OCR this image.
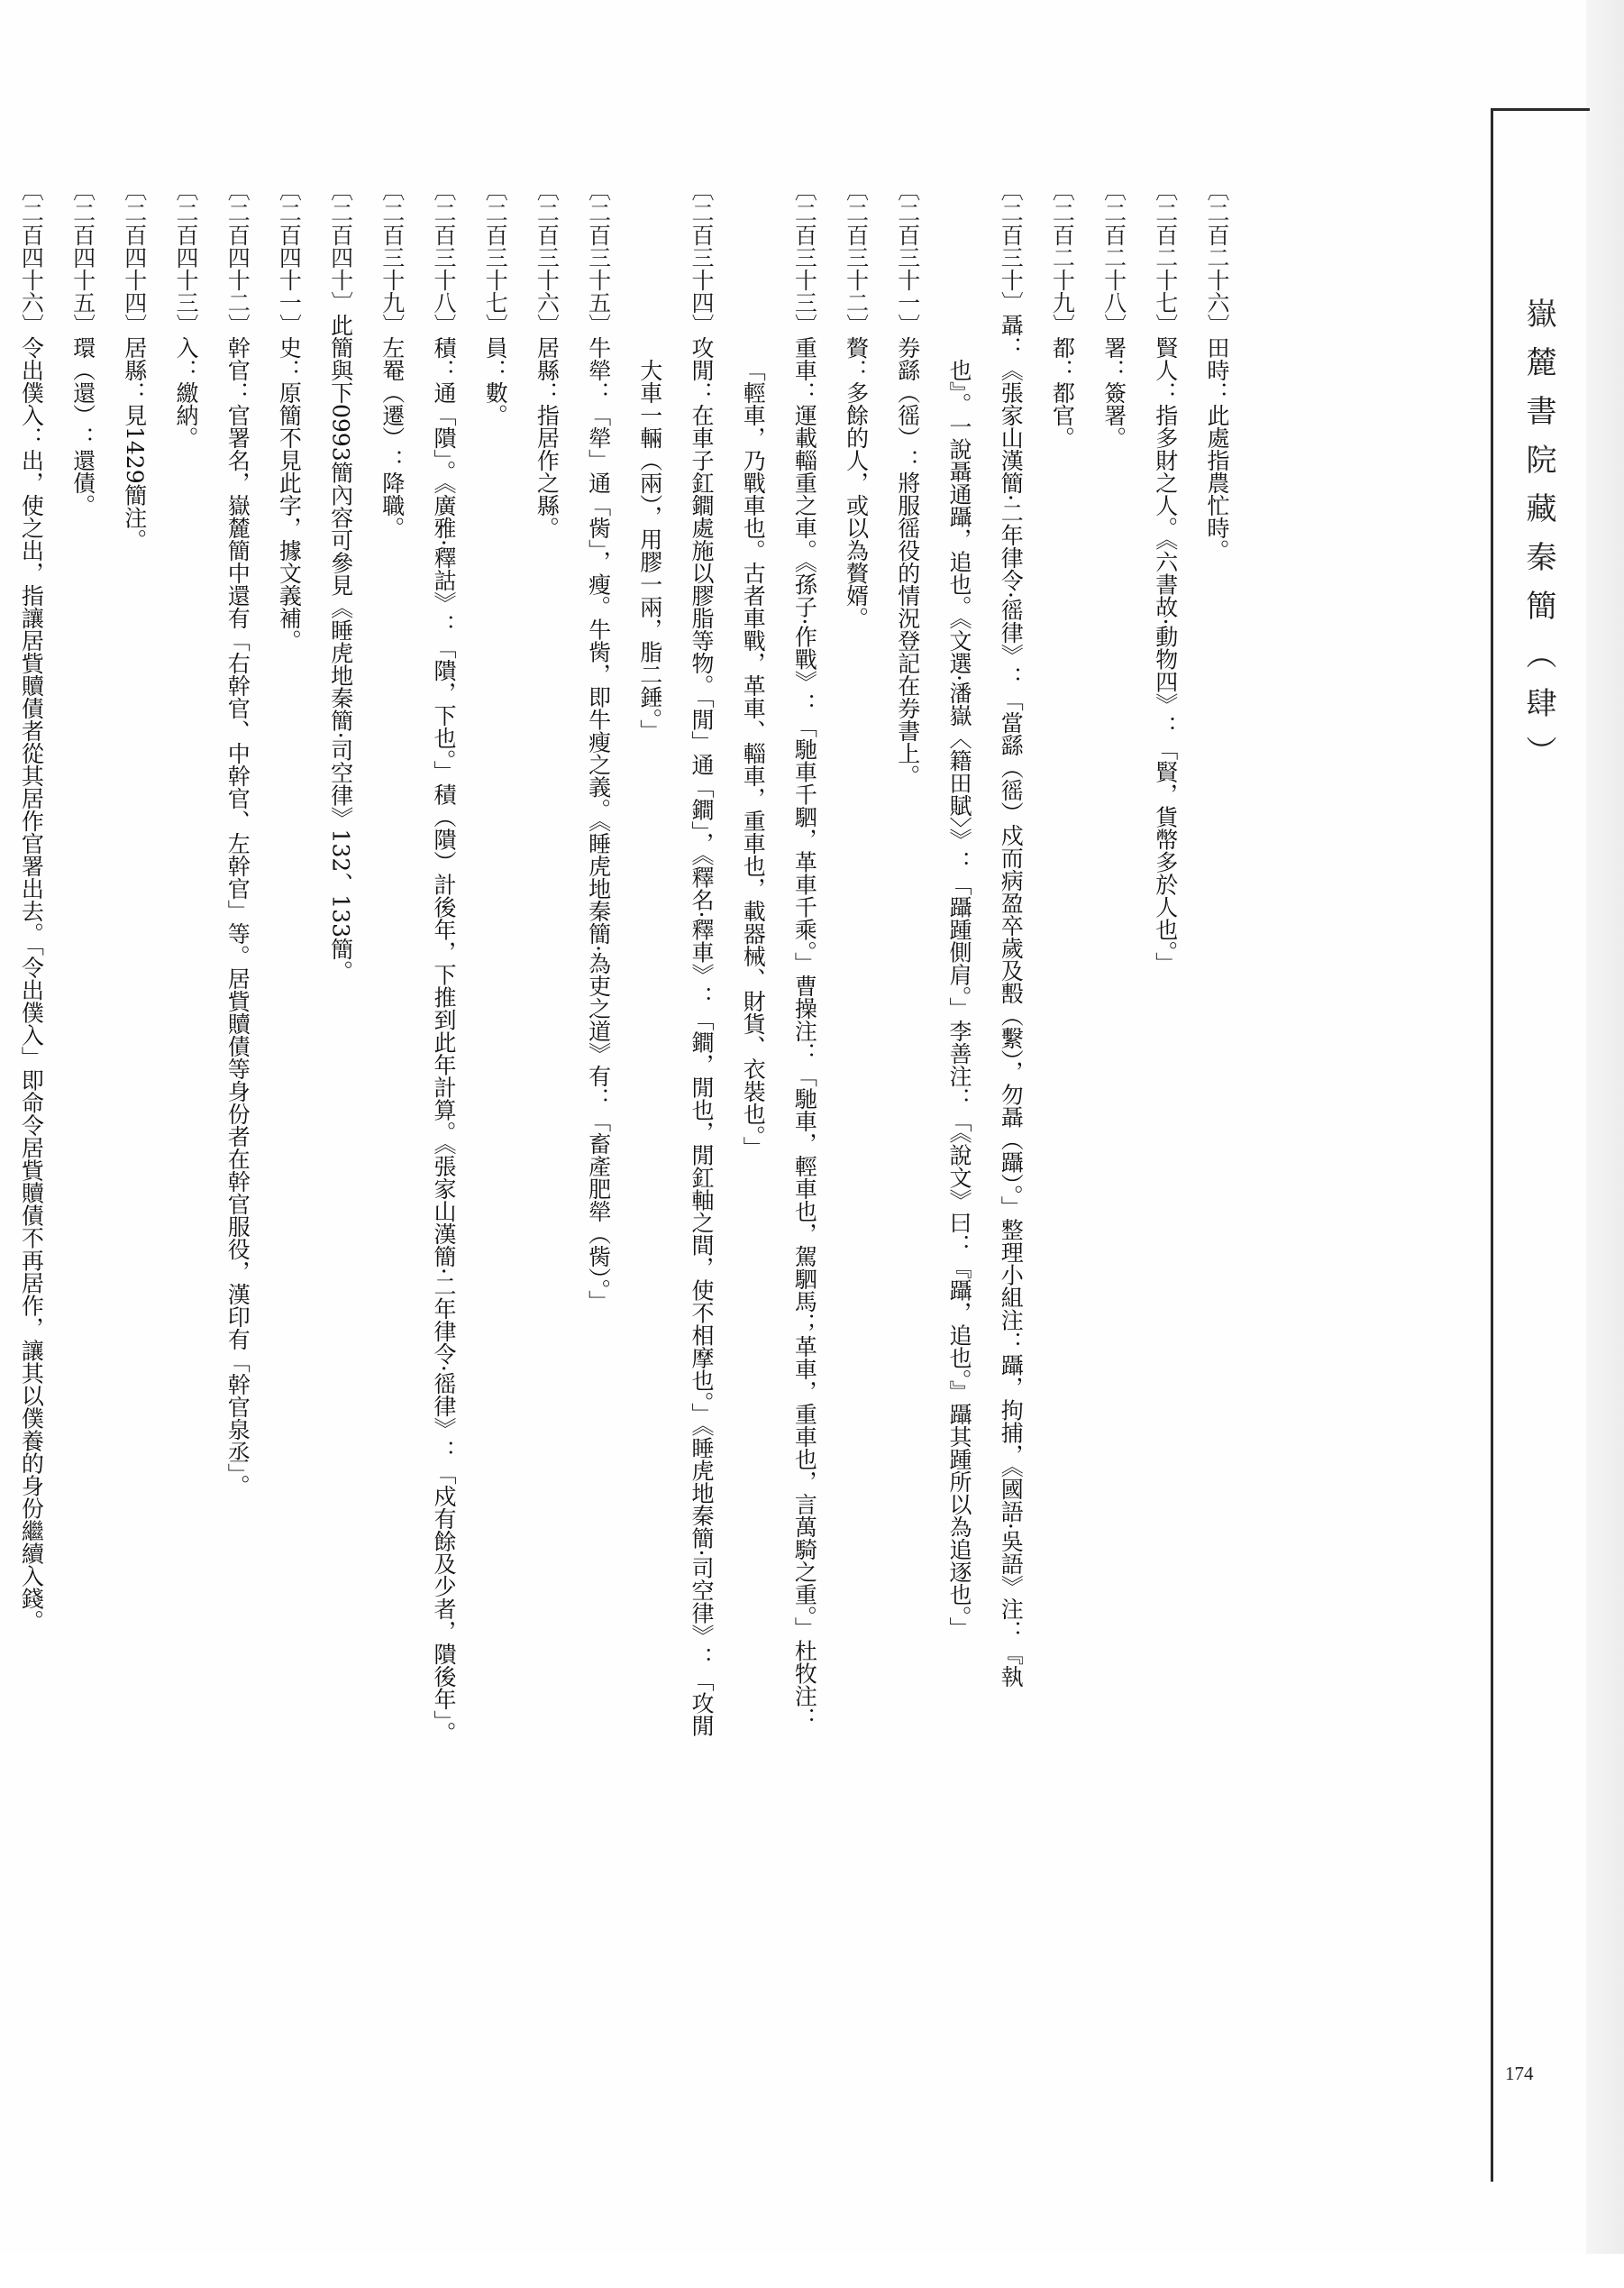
嶽麓書院藏秦簡（肆）
174
〔二百二十六〕田時：此處指農忙時。
〔二百二十七〕賢人：指多財之人。《六書故·動物四》：「賢，貨幣多於人也。」
〔二百二十八〕署：簽署。
〔二百二十九〕都：都官。
〔二百三十〕聶：《張家山漢簡·二年律令·徭律》：「當繇（徭）戍而病盈卒歲及毄（繫），勿聶（躡）。」整理小組注：躡，拘捕，《國語·吳語》注：『執
也』。一說聶通躡，追也。《文選·潘嶽〈籍田賦〉》：「躡踵側肩。」李善注：「《說文》曰：『躡，追也。』躡其踵所以為追逐也。」
〔二百三十一〕券繇（徭）：將服徭役的情況登記在券書上。
〔二百三十二〕贅：多餘的人，或以為贅婿。
〔二百三十三〕重車：運載輜重之車。《孫子·作戰》：「馳車千駟，革車千乘。」曹操注：「馳車，輕車也，駕駟馬；革車，重車也，言萬騎之重。」杜牧注：
「輕車，乃戰車也。古者車戰，革車、輜車，重車也，載器械、財貨、衣裝也。」
〔二百三十四〕攻閒：在車子釭鐧處施以膠脂等物。「閒」通「鐧」，《釋名·釋車》：「鐧，閒也，閒釭軸之間，使不相摩也。」《睡虎地秦簡·司空律》：「攻閒
大車一輛（兩），用膠一兩，脂二錘。」
〔二百三十五〕牛犖：「犖」通「胔」，瘦。牛胔，即牛瘦之義。《睡虎地秦簡·為吏之道》有：「畜產肥犖（胔）。」
〔二百三十六〕居縣：指居作之縣。
〔二百三十七〕員：數。
〔二百三十八〕積：通「隤」。《廣雅·釋詁》：「隤，下也。」積（隤）計後年，下推到此年計算。《張家山漢簡·二年律令·徭律》：「戍有餘及少者，隤後年」。
〔二百三十九〕左罨（遷）：降職。
〔二百四十〕此簡與下0993簡內容可參見《睡虎地秦簡·司空律》132、133簡。
〔二百四十一〕史：原簡不見此字，據文義補。
〔二百四十二〕幹官：官署名，嶽麓簡中還有「右幹官、中幹官、左幹官」等。居貲贖債等身份者在幹官服役，漢印有「幹官泉丞」。
〔二百四十三〕入：繳納。
〔二百四十四〕居縣：見1429簡注。
〔二百四十五〕環（還）：還債。
〔二百四十六〕令出僕入：出，使之出，指讓居貲贖債者從其居作官署出去。「令出僕入」即命令居貲贖債不再居作，讓其以僕養的身份繼續入錢。
